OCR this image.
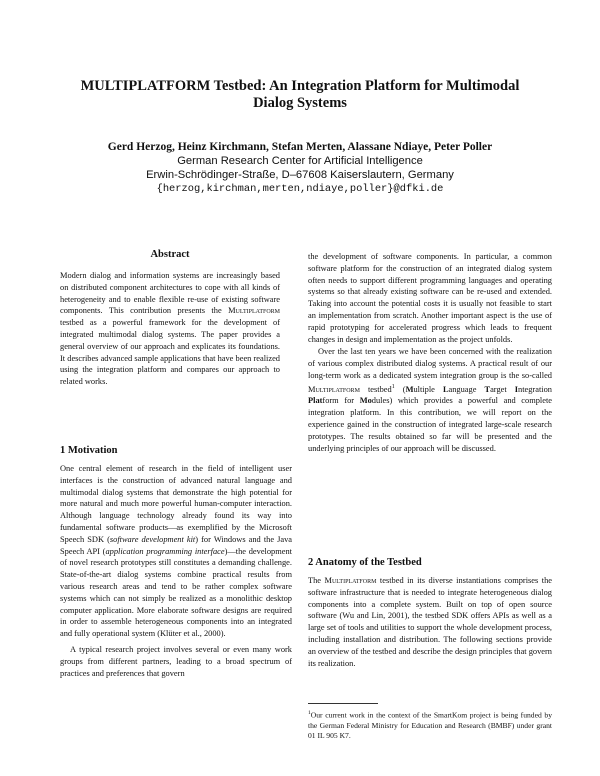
MULTIPLATFORM Testbed: An Integration Platform for Multimodal Dialog Systems
Gerd Herzog, Heinz Kirchmann, Stefan Merten, Alassane Ndiaye, Peter Poller
German Research Center for Artificial Intelligence
Erwin-Schrödinger-Straße, D–67608 Kaiserslautern, Germany
{herzog,kirchman,merten,ndiaye,poller}@dfki.de
Abstract

Modern dialog and information systems are increasingly based on distributed component architectures to cope with all kinds of heterogeneity and to enable flexible re-use of existing software components. This contribution presents the Multiplatform testbed as a powerful framework for the development of integrated multimodal dialog systems. The paper provides a general overview of our approach and explicates its foundations. It describes advanced sample applications that have been realized using the integration platform and compares our approach to related works.

1 Motivation

One central element of research in the field of intelligent user interfaces is the construction of advanced natural language and multimodal dialog systems that demonstrate the high potential for more natural and much more powerful human-computer interaction. Although language technology already found its way into fundamental software products—as exemplified by the Microsoft Speech SDK (software development kit) for Windows and the Java Speech API (application programming interface)—the development of novel research prototypes still constitutes a demanding challenge. State-of-the-art dialog systems combine practical results from various research areas and tend to be rather complex software systems which can not simply be realized as a monolithic desktop computer application. More elaborate software designs are required in order to assemble heterogeneous components into an integrated and fully operational system (Klüter et al., 2000).

A typical research project involves several or even many work groups from different partners, leading to a broad spectrum of practices and preferences that govern

the development of software components. In particular, a common software platform for the construction of an integrated dialog system often needs to support different programming languages and operating systems so that already existing software can be re-used and extended. Taking into account the potential costs it is usually not feasible to start an implementation from scratch. Another important aspect is the use of rapid prototyping for accelerated progress which leads to frequent changes in design and implementation as the project unfolds.

Over the last ten years we have been concerned with the realization of various complex distributed dialog systems. A practical result of our long-term work as a dedicated system integration group is the so-called Multiplatform testbed$^1$ (Multiple Language Target Integration Platform for Modules) which provides a powerful and complete integration platform. In this contribution, we will report on the experience gained in the construction of integrated large-scale research prototypes. The results obtained so far will be presented and the underlying principles of our approach will be discussed.

2 Anatomy of the Testbed

The Multiplatform testbed in its diverse instantiations comprises the software infrastructure that is needed to integrate heterogeneous dialog components into a complete system. Built on top of open source software (Wu and Lin, 2001), the testbed SDK offers APIs as well as a large set of tools and utilities to support the whole development process, including installation and distribution. The following sections provide an overview of the testbed and describe the design principles that govern its realization.

$^1$Our current work in the context of the SmartKom project is being funded by the German Federal Ministry for Education and Research (BMBF) under grant 01 IL 905 K7.
